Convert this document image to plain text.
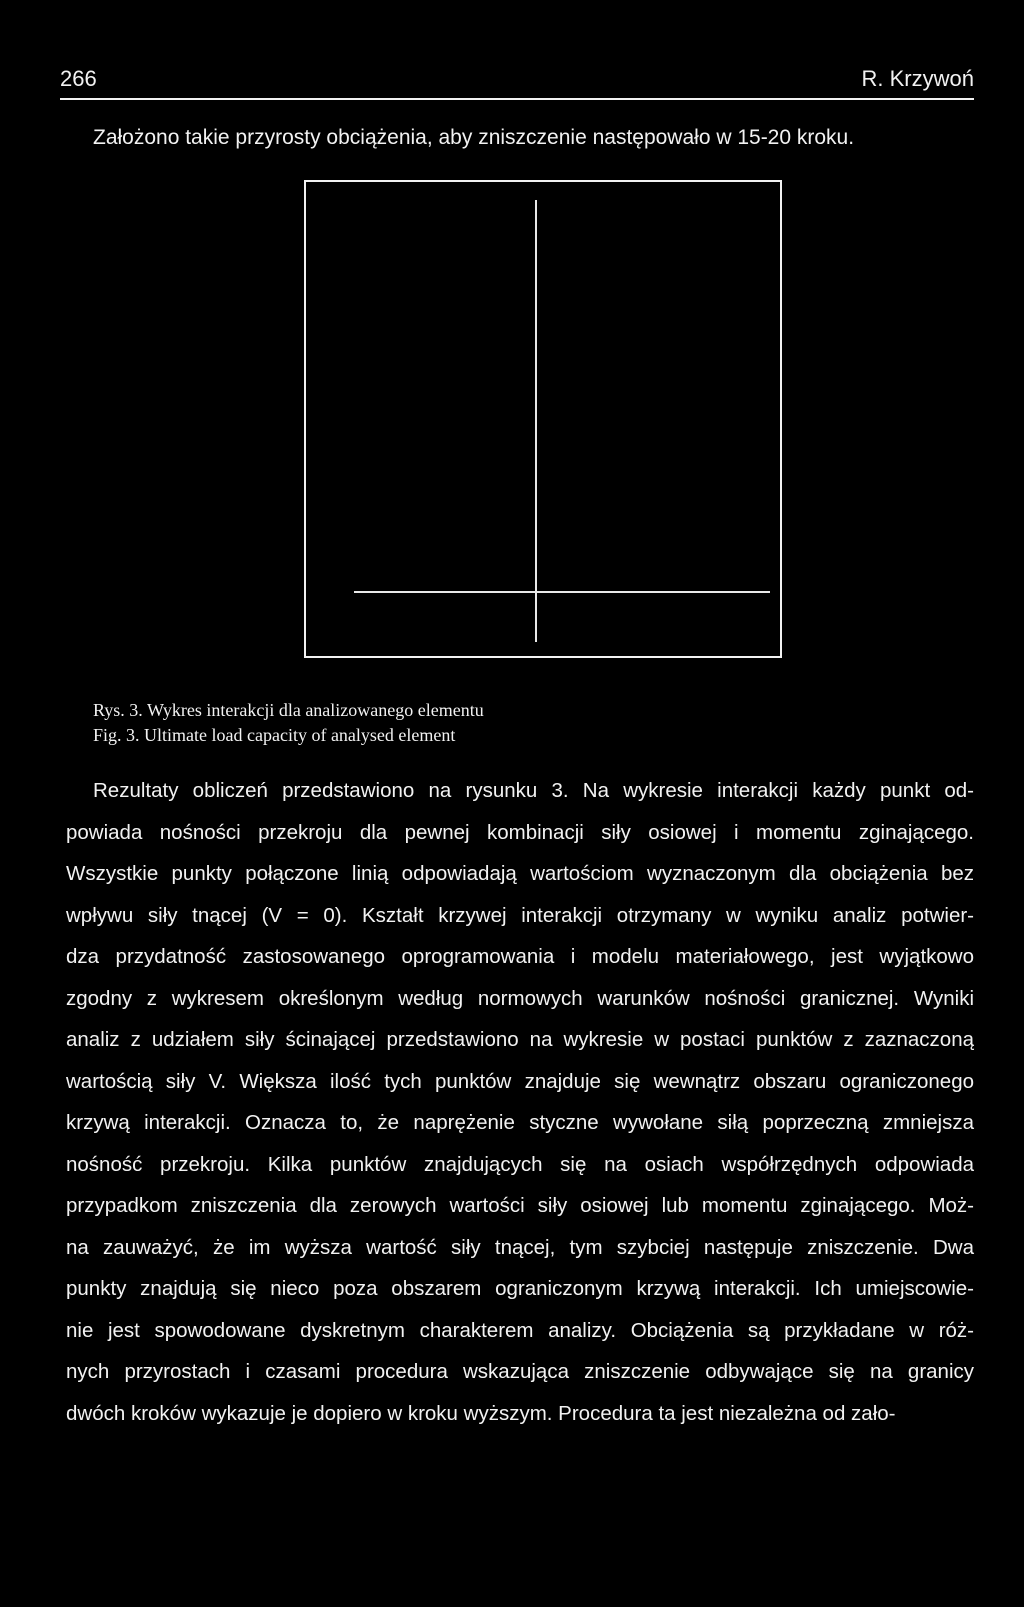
266	R. Krzywoń
Założono takie przyrosty obciążenia, aby zniszczenie następowało w 15-20 kroku.
Rys. 3. Wykres interakcji dla analizowanego elementu
Fig. 3. Ultimate load capacity of analysed element
Rezultaty obliczeń przedstawiono na rysunku 3. Na wykresie interakcji każdy punkt od-
powiada nośności przekroju dla pewnej kombinacji siły osiowej i momentu zginającego.
Wszystkie punkty połączone linią odpowiadają wartościom wyznaczonym dla obciążenia bez
wpływu siły tnącej (V = 0). Kształt krzywej interakcji otrzymany w wyniku analiz potwier-
dza przydatność zastosowanego oprogramowania i modelu materiałowego, jest wyjątkowo
zgodny z wykresem określonym według normowych warunków nośności granicznej. Wyniki
analiz z udziałem siły ścinającej przedstawiono na wykresie w postaci punktów z zaznaczoną
wartością siły V. Większa ilość tych punktów znajduje się wewnątrz obszaru ograniczonego
krzywą interakcji. Oznacza to, że naprężenie styczne wywołane siłą poprzeczną zmniejsza
nośność przekroju. Kilka punktów znajdujących się na osiach współrzędnych odpowiada
przypadkom zniszczenia dla zerowych wartości siły osiowej lub momentu zginającego. Moż-
na zauważyć, że im wyższa wartość siły tnącej, tym szybciej następuje zniszczenie. Dwa
punkty znajdują się nieco poza obszarem ograniczonym krzywą interakcji. Ich umiejscowie-
nie jest spowodowane dyskretnym charakterem analizy. Obciążenia są przykładane w róż-
nych przyrostach i czasami procedura wskazująca zniszczenie odbywające się na granicy
dwóch kroków wykazuje je dopiero w kroku wyższym. Procedura ta jest niezależna od zało-
